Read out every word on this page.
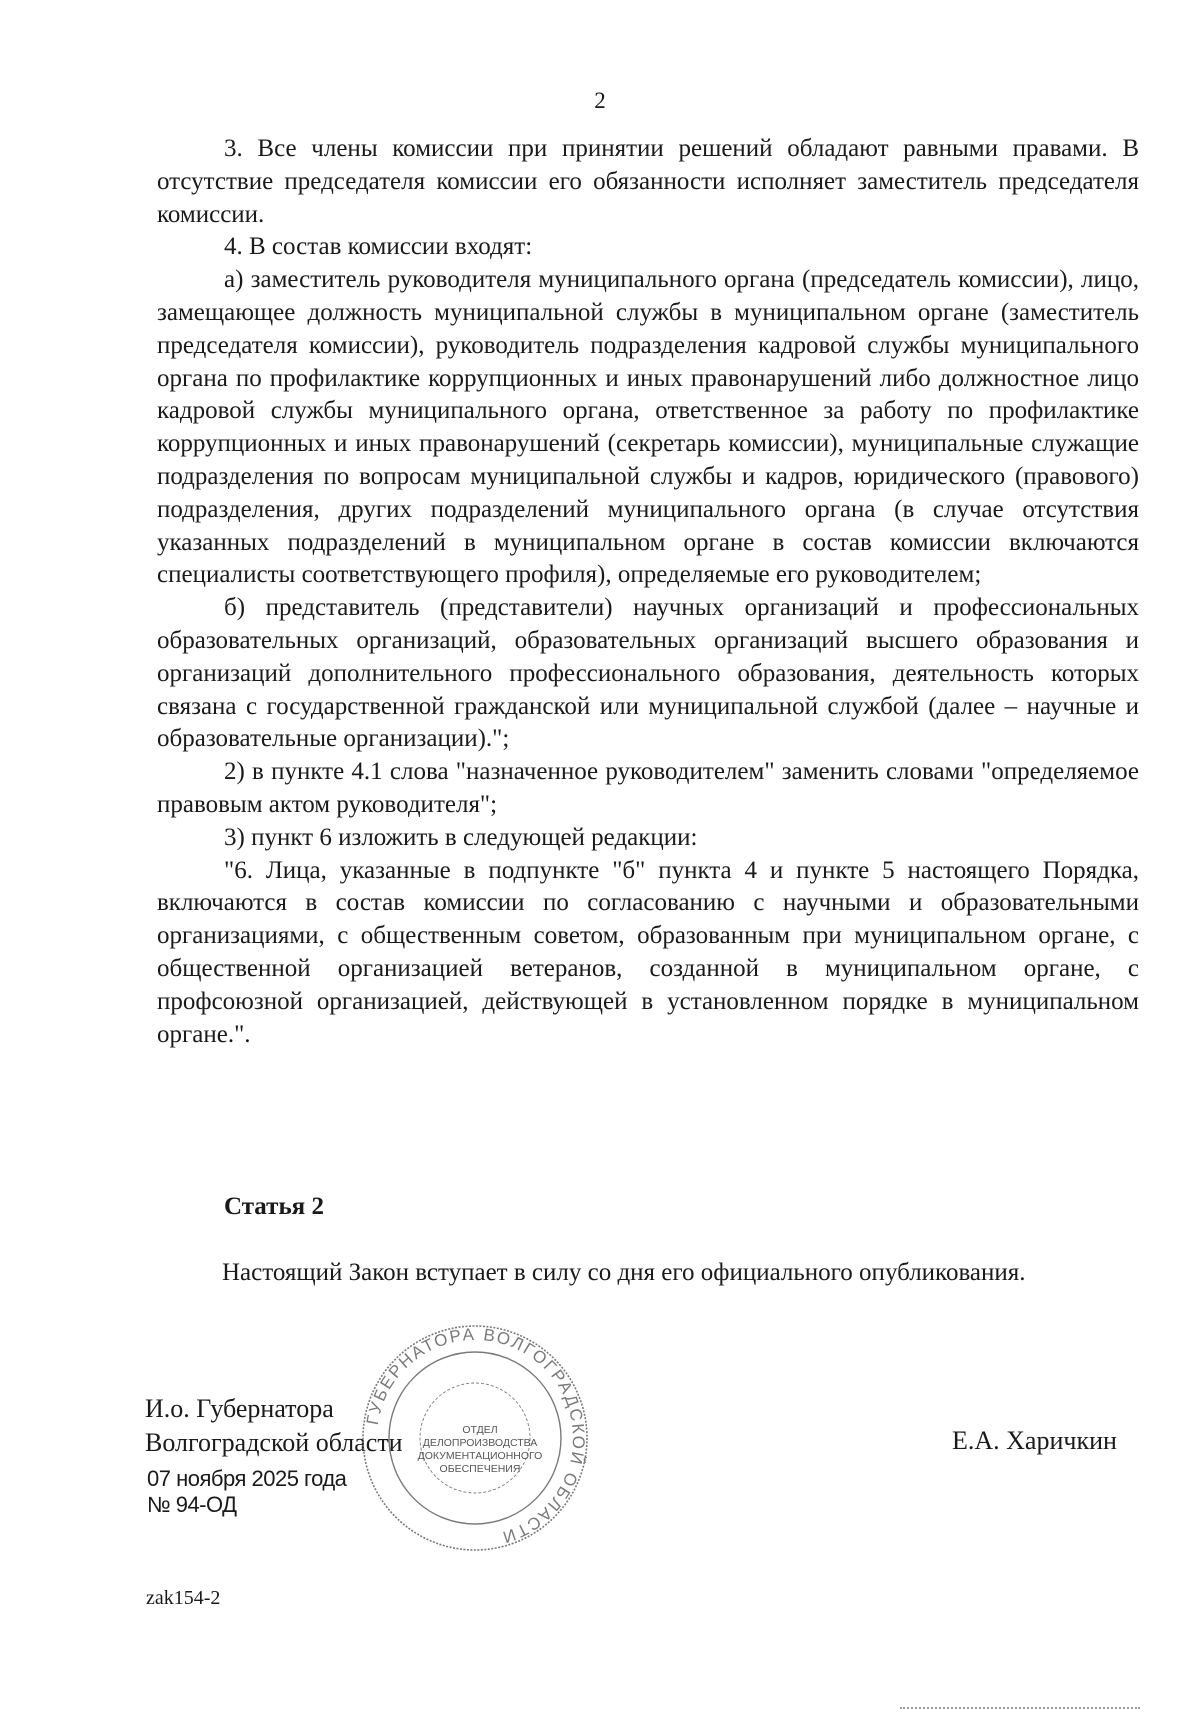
2

3. Все члены комиссии при принятии решений обладают равными правами. В отсутствие председателя комиссии его обязанности исполняет заместитель председателя комиссии.

4. В состав комиссии входят:

а) заместитель руководителя муниципального органа (председатель комиссии), лицо, замещающее должность муниципальной службы в муниципальном органе (заместитель председателя комиссии), руководитель подразделения кадровой службы муниципального органа по профилактике коррупционных и иных правонарушений либо должностное лицо кадровой службы муниципального органа, ответственное за работу по профилактике коррупционных и иных правонарушений (секретарь комиссии), муниципальные служащие подразделения по вопросам муниципальной службы и кадров, юридического (правового) подразделения, других подразделений муниципального органа (в случае отсутствия указанных подразделений в муниципальном органе в состав комиссии включаются специалисты соответствующего профиля), определяемые его руководителем;

б) представитель (представители) научных организаций и профессиональных образовательных организаций, образовательных организаций высшего образования и организаций дополнительного профессионального образования, деятельность которых связана с государственной гражданской или муниципальной службой (далее – научные и образовательные организации).";

2) в пункте 4.1 слова "назначенное руководителем" заменить словами "определяемое правовым актом руководителя";

3) пункт 6 изложить в следующей редакции:

"6. Лица, указанные в подпункте "б" пункта 4 и пункте 5 настоящего Порядка, включаются в состав комиссии по согласованию с научными и образовательными организациями, с общественным советом, образованным при муниципальном органе, с общественной организацией ветеранов, созданной в муниципальном органе, с профсоюзной организацией, действующей в установленном порядке в муниципальном органе.".

Статья 2
Настоящий Закон вступает в силу со дня его официального опубликования.
И.о. Губернатора
Волгоградской области
07 ноября 2025 года
№ 94-ОД
Е.А. Харичкин
zak154-2
ГУБЕРНАТОРА ВОЛГОГРАДСКОЙ ОБЛАСТИ
ОТДЕЛ
ДЕЛОПРОИЗВОДСТВА
ДОКУМЕНТАЦИОННОГО
ОБЕСПЕЧЕНИЯ
